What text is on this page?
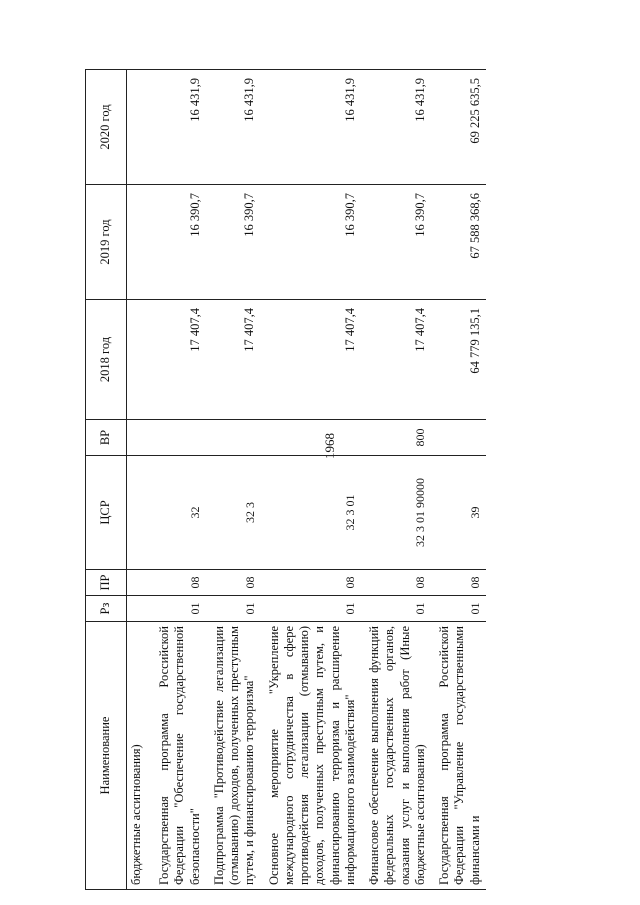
1968
Наименование	Рз	ПР	ЦСР	ВР	2018 год	2019 год	2020 год
бюджетные ассигнования)							
Государственная программа Российской Федерации "Обеспечение государственной безопасности"	01	08	32		17 407,4	16 390,7	16 431,9
Подпрограмма "Противодействие легализации (отмыванию) доходов, полученных преступным путем, и финансированию терроризма"	01	08	32 3		17 407,4	16 390,7	16 431,9
Основное мероприятие "Укрепление международного сотрудничества в сфере противодействия легализации (отмыванию) доходов, полученных преступным путем, и финансированию терроризма и расширение информационного взаимодействия"	01	08	32 3 01		17 407,4	16 390,7	16 431,9
Финансовое обеспечение выполнения функций федеральных государственных органов, оказания услуг и выполнения работ (Иные бюджетные ассигнования)	01	08	32 3 01 90000	800	17 407,4	16 390,7	16 431,9
Государственная программа Российской Федерации "Управление государственными финансами и	01	08	39		64 779 135,1	67 588 368,6	69 225 635,5
